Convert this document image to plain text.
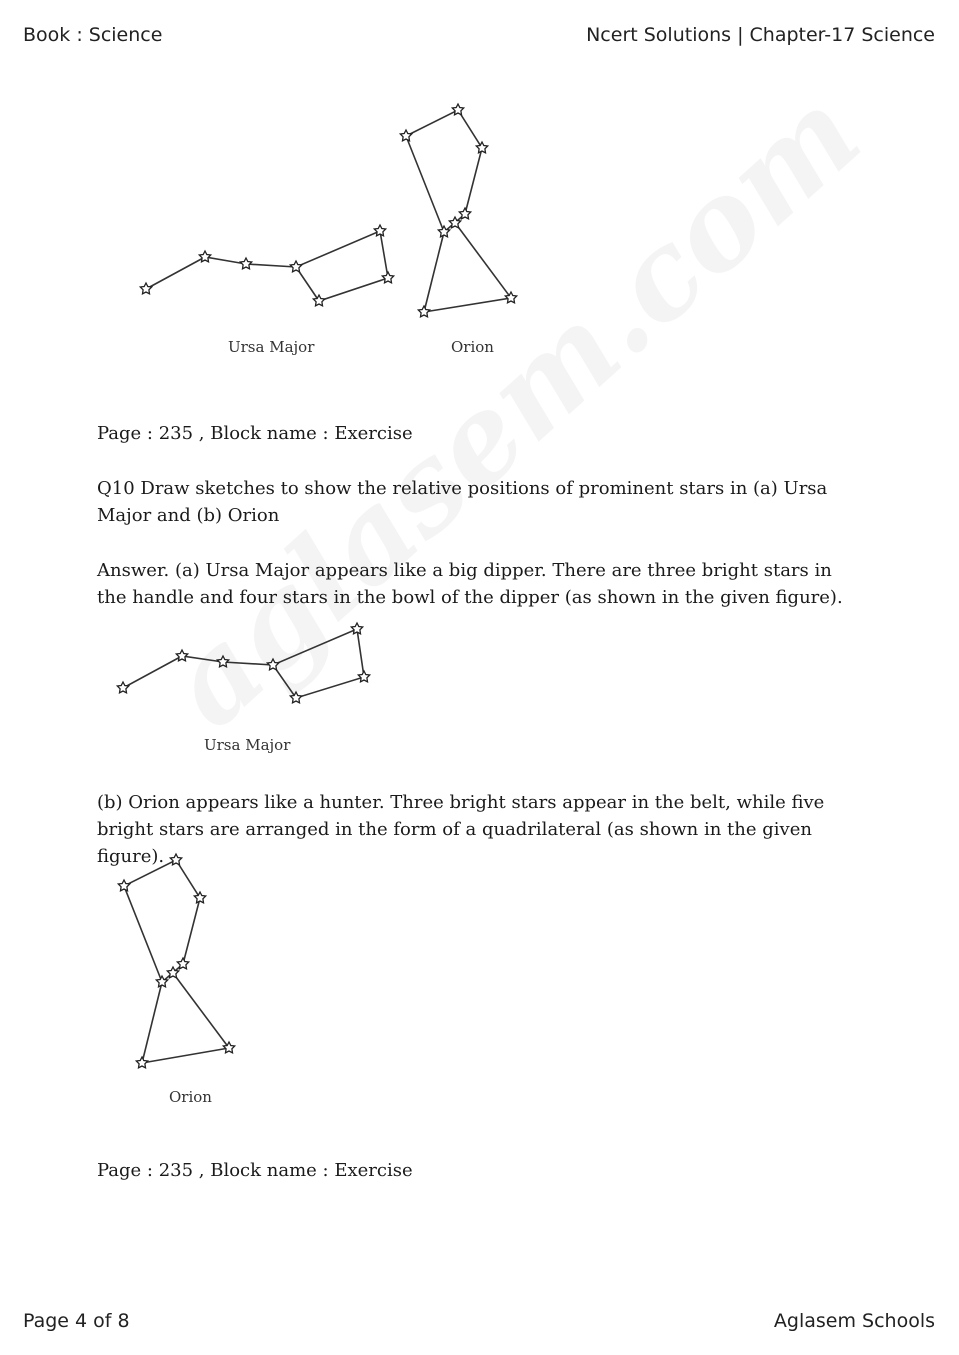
Book : Science	Ncert Solutions | Chapter-17 Science
Ursa Major	Orion

Page : 235 , Block name : Exercise

Q10 Draw sketches to show the relative positions of prominent stars in (a) Ursa Major and (b) Orion

Answer. (a) Ursa Major appears like a big dipper. There are three bright stars in the handle and four stars in the bowl of the dipper (as shown in the given figure).

Ursa Major

(b) Orion appears like a hunter. Three bright stars appear in the belt, while five bright stars are arranged in the form of a quadrilateral (as shown in the given figure).

Orion

Page : 235 , Block name : Exercise

Page 4 of 8	Aglasem Schools
